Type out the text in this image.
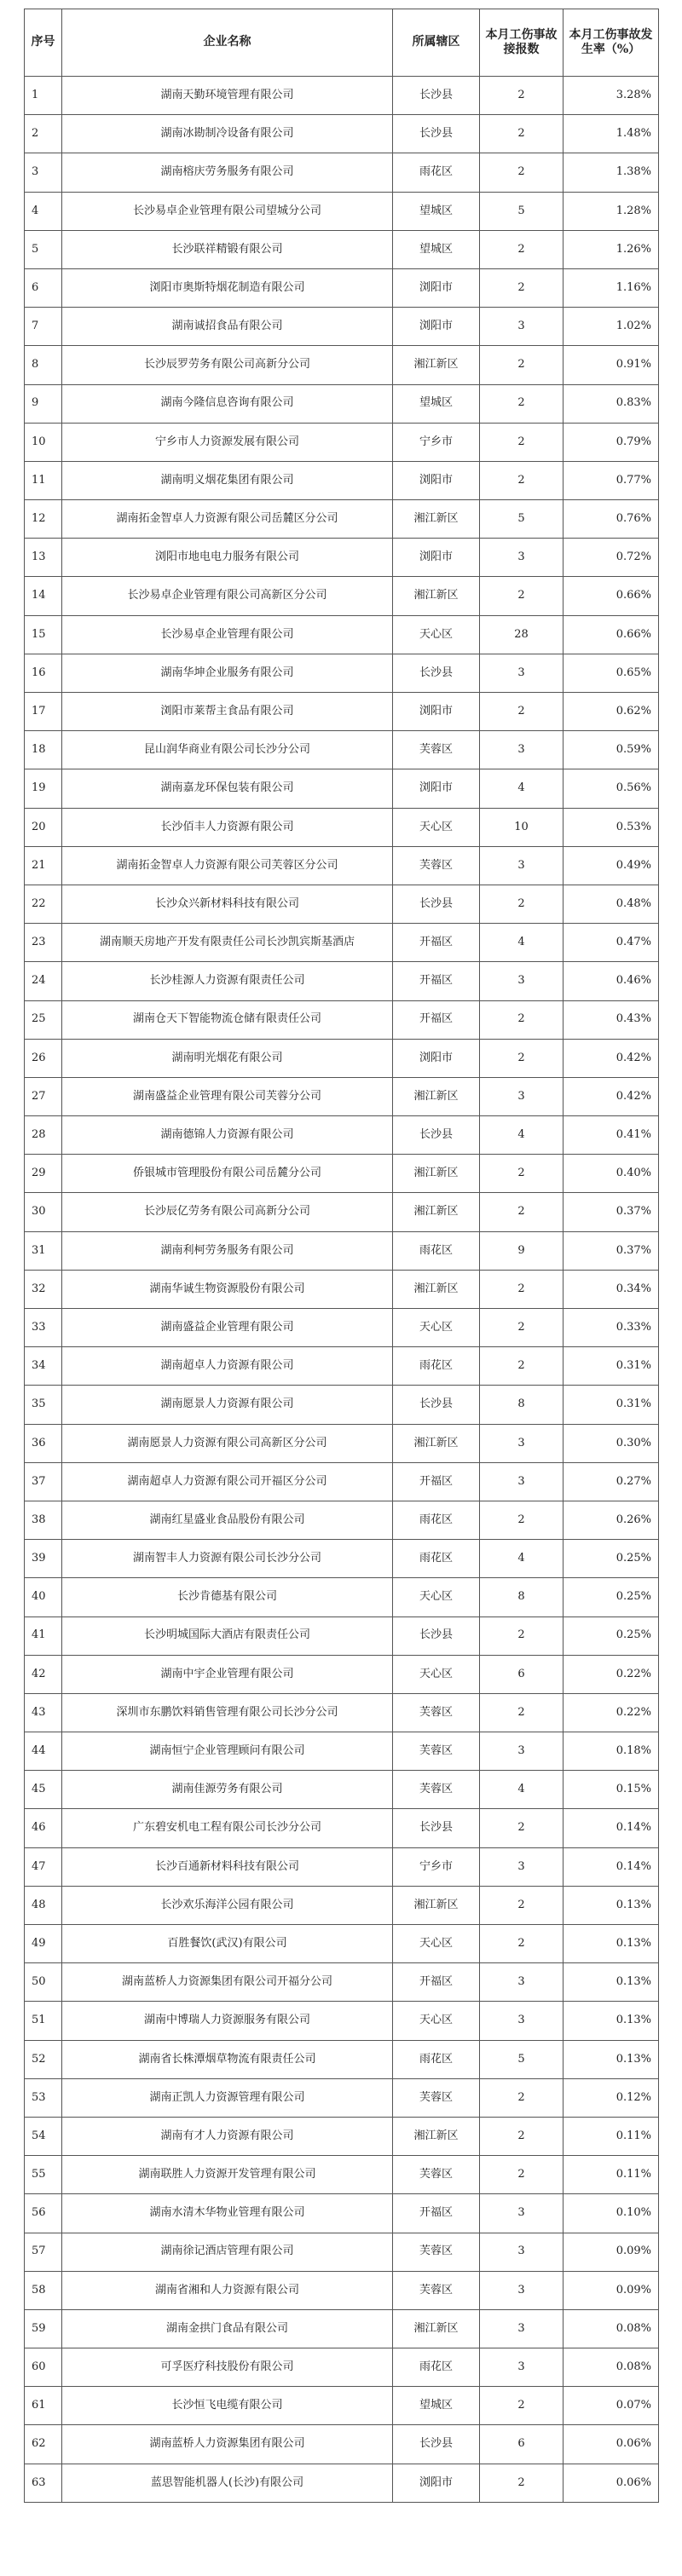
序号	企业名称	所属辖区	本月工伤事故接报数	本月工伤事故发生率（%）
1	湖南天勤环境管理有限公司	长沙县	2	3.28%
2	湖南冰勘制冷设备有限公司	长沙县	2	1.48%
3	湖南榕庆劳务服务有限公司	雨花区	2	1.38%
4	长沙易卓企业管理有限公司望城分公司	望城区	5	1.28%
5	长沙联祥精锻有限公司	望城区	2	1.26%
6	浏阳市奥斯特烟花制造有限公司	浏阳市	2	1.16%
7	湖南诚招食品有限公司	浏阳市	3	1.02%
8	长沙辰罗劳务有限公司高新分公司	湘江新区	2	0.91%
9	湖南今隆信息咨询有限公司	望城区	2	0.83%
10	宁乡市人力资源发展有限公司	宁乡市	2	0.79%
11	湖南明义烟花集团有限公司	浏阳市	2	0.77%
12	湖南拓金智卓人力资源有限公司岳麓区分公司	湘江新区	5	0.76%
13	浏阳市地电电力服务有限公司	浏阳市	3	0.72%
14	长沙易卓企业管理有限公司高新区分公司	湘江新区	2	0.66%
15	长沙易卓企业管理有限公司	天心区	28	0.66%
16	湖南华坤企业服务有限公司	长沙县	3	0.65%
17	浏阳市莱帮主食品有限公司	浏阳市	2	0.62%
18	昆山润华商业有限公司长沙分公司	芙蓉区	3	0.59%
19	湖南嘉龙环保包装有限公司	浏阳市	4	0.56%
20	长沙佰丰人力资源有限公司	天心区	10	0.53%
21	湖南拓金智卓人力资源有限公司芙蓉区分公司	芙蓉区	3	0.49%
22	长沙众兴新材料科技有限公司	长沙县	2	0.48%
23	湖南顺天房地产开发有限责任公司长沙凯宾斯基酒店	开福区	4	0.47%
24	长沙桂源人力资源有限责任公司	开福区	3	0.46%
25	湖南仓天下智能物流仓储有限责任公司	开福区	2	0.43%
26	湖南明光烟花有限公司	浏阳市	2	0.42%
27	湖南盛益企业管理有限公司芙蓉分公司	湘江新区	3	0.42%
28	湖南德锦人力资源有限公司	长沙县	4	0.41%
29	侨银城市管理股份有限公司岳麓分公司	湘江新区	2	0.40%
30	长沙辰亿劳务有限公司高新分公司	湘江新区	2	0.37%
31	湖南利柯劳务服务有限公司	雨花区	9	0.37%
32	湖南华诚生物资源股份有限公司	湘江新区	2	0.34%
33	湖南盛益企业管理有限公司	天心区	2	0.33%
34	湖南超卓人力资源有限公司	雨花区	2	0.31%
35	湖南愿景人力资源有限公司	长沙县	8	0.31%
36	湖南愿景人力资源有限公司高新区分公司	湘江新区	3	0.30%
37	湖南超卓人力资源有限公司开福区分公司	开福区	3	0.27%
38	湖南红星盛业食品股份有限公司	雨花区	2	0.26%
39	湖南智丰人力资源有限公司长沙分公司	雨花区	4	0.25%
40	长沙肯德基有限公司	天心区	8	0.25%
41	长沙明城国际大酒店有限责任公司	长沙县	2	0.25%
42	湖南中宇企业管理有限公司	天心区	6	0.22%
43	深圳市东鹏饮料销售管理有限公司长沙分公司	芙蓉区	2	0.22%
44	湖南恒宁企业管理顾问有限公司	芙蓉区	3	0.18%
45	湖南佳源劳务有限公司	芙蓉区	4	0.15%
46	广东碧安机电工程有限公司长沙分公司	长沙县	2	0.14%
47	长沙百通新材料科技有限公司	宁乡市	3	0.14%
48	长沙欢乐海洋公园有限公司	湘江新区	2	0.13%
49	百胜餐饮(武汉)有限公司	天心区	2	0.13%
50	湖南蓝桥人力资源集团有限公司开福分公司	开福区	3	0.13%
51	湖南中博瑞人力资源服务有限公司	天心区	3	0.13%
52	湖南省长株潭烟草物流有限责任公司	雨花区	5	0.13%
53	湖南正凯人力资源管理有限公司	芙蓉区	2	0.12%
54	湖南有才人力资源有限公司	湘江新区	2	0.11%
55	湖南联胜人力资源开发管理有限公司	芙蓉区	2	0.11%
56	湖南水清木华物业管理有限公司	开福区	3	0.10%
57	湖南徐记酒店管理有限公司	芙蓉区	3	0.09%
58	湖南省湘和人力资源有限公司	芙蓉区	3	0.09%
59	湖南金拱门食品有限公司	湘江新区	3	0.08%
60	可孚医疗科技股份有限公司	雨花区	3	0.08%
61	长沙恒飞电缆有限公司	望城区	2	0.07%
62	湖南蓝桥人力资源集团有限公司	长沙县	6	0.06%
63	蓝思智能机器人(长沙)有限公司	浏阳市	2	0.06%
